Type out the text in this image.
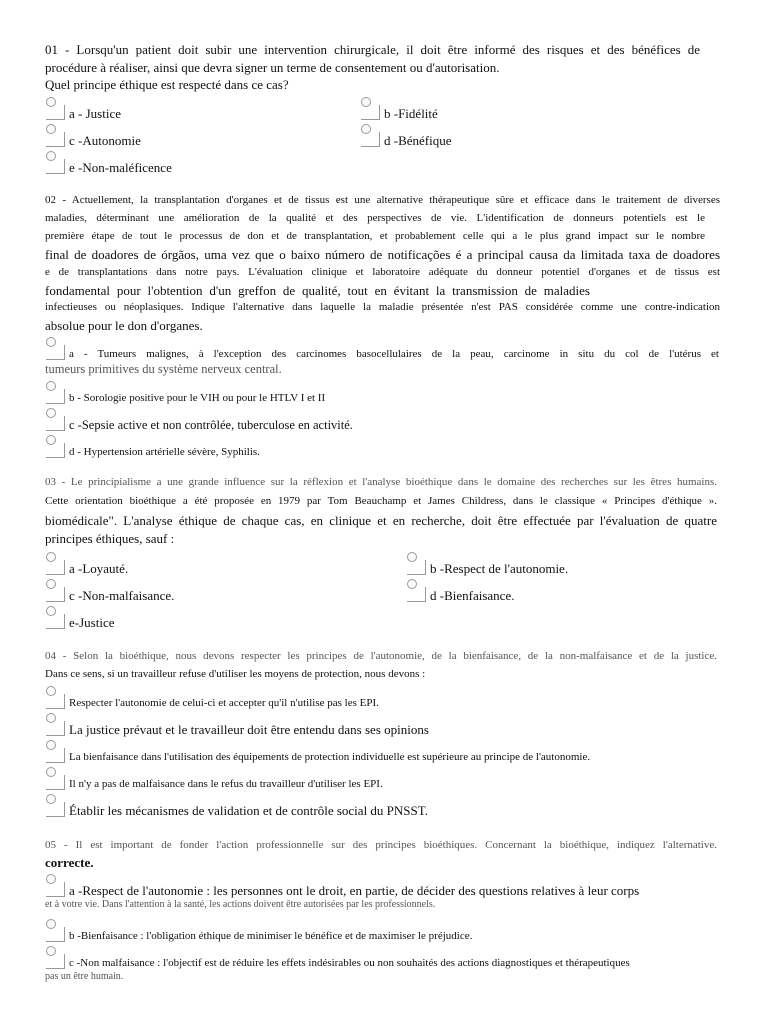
01 - Lorsqu'un patient doit subir une intervention chirurgicale, il doit être informé des risques et des bénéfices de
procédure à réaliser, ainsi que devra signer un terme de consentement ou d'autorisation.
Quel principe éthique est respecté dans ce cas?
a - Justice	b -Fidélité
c -Autonomie	d -Bénéfique
e -Non-maléficence
02 - Actuellement, la transplantation d'organes et de tissus est une alternative thérapeutique sûre et efficace dans le traitement de diverses
maladies, déterminant une amélioration de la qualité et des perspectives de vie. L'identification de donneurs potentiels est le
première étape de tout le processus de don et de transplantation, et probablement celle qui a le plus grand impact sur le nombre
final de doadores de órgãos, uma vez que o baixo número de notificações é a principal causa da limitada taxa de doadores
e de transplantations dans notre pays. L'évaluation clinique et laboratoire adéquate du donneur potentiel d'organes et de tissus est
fondamental pour l'obtention d'un greffon de qualité, tout en évitant la transmission de maladies
infectieuses ou néoplasiques. Indique l'alternative dans laquelle la maladie présentée n'est PAS considérée comme une contre-indication
absolue pour le don d'organes.
a - Tumeurs malignes, à l'exception des carcinomes basocellulaires de la peau, carcinome in situ du col de l'utérus et
tumeurs primitives du système nerveux central.
b - Sorologie positive pour le VIH ou pour le HTLV I et II
c -Sepsie active et non contrôlée, tuberculose en activité.
d - Hypertension artérielle sévère, Syphilis.
03 - Le principialisme a une grande influence sur la réflexion et l'analyse bioéthique dans le domaine des recherches sur les êtres humains.
Cette orientation bioéthique a été proposée en 1979 par Tom Beauchamp et James Childress, dans le classique « Principes d'éthique ».
biomédicale". L'analyse éthique de chaque cas, en clinique et en recherche, doit être effectuée par l'évaluation de quatre
principes éthiques, sauf :
a -Loyauté.	b -Respect de l'autonomie.
c -Non-malfaisance.	d -Bienfaisance.
e-Justice
04 - Selon la bioéthique, nous devons respecter les principes de l'autonomie, de la bienfaisance, de la non-malfaisance et de la justice.
Dans ce sens, si un travailleur refuse d'utiliser les moyens de protection, nous devons :
Respecter l'autonomie de celui-ci et accepter qu'il n'utilise pas les EPI.
La justice prévaut et le travailleur doit être entendu dans ses opinions
La bienfaisance dans l'utilisation des équipements de protection individuelle est supérieure au principe de l'autonomie.
Il n'y a pas de malfaisance dans le refus du travailleur d'utiliser les EPI.
Établir les mécanismes de validation et de contrôle social du PNSST.
05 - Il est important de fonder l'action professionnelle sur des principes bioéthiques. Concernant la bioéthique, indiquez l'alternative.
correcte.
a -Respect de l'autonomie : les personnes ont le droit, en partie, de décider des questions relatives à leur corps
et à votre vie. Dans l'attention à la santé, les actions doivent être autorisées par les professionnels.
b -Bienfaisance : l'obligation éthique de minimiser le bénéfice et de maximiser le préjudice.
c -Non malfaisance : l'objectif est de réduire les effets indésirables ou non souhaités des actions diagnostiques et thérapeutiques
pas un être humain.
